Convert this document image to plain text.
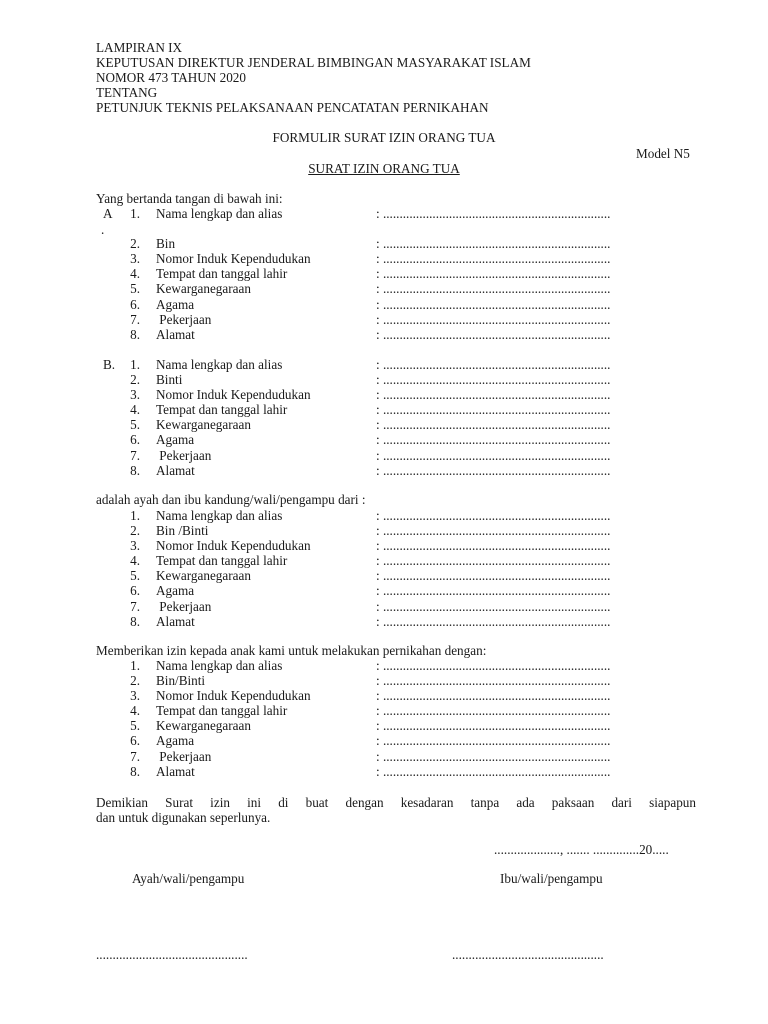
LAMPIRAN IX
KEPUTUSAN DIREKTUR JENDERAL BIMBINGAN MASYARAKAT ISLAM
NOMOR 473 TAHUN 2020
TENTANG
PETUNJUK TEKNIS PELAKSANAAN PENCATATAN PERNIKAHAN
FORMULIR SURAT IZIN ORANG TUA
Model N5
SURAT IZIN ORANG TUA
Yang bertanda tangan di bawah ini:
A	1. Nama lengkap dan alias	: .....................................................................
2. Bin	: .....................................................................
3. Nomor Induk Kependudukan	: .....................................................................
4. Tempat dan tanggal lahir	: .....................................................................
5. Kewarganegaraan	: .....................................................................
6. Agama	: .....................................................................
7. Pekerjaan	: .....................................................................
8. Alamat	: .....................................................................
.
B.	1. Nama lengkap dan alias	: .....................................................................
2. Binti	: .....................................................................
3. Nomor Induk Kependudukan	: .....................................................................
4. Tempat dan tanggal lahir	: .....................................................................
5. Kewarganegaraan	: .....................................................................
6. Agama	: .....................................................................
7. Pekerjaan	: .....................................................................
8. Alamat	: .....................................................................
adalah ayah dan ibu kandung/wali/pengampu dari :
1. Nama lengkap dan alias	: .....................................................................
2. Bin /Binti	: .....................................................................
3. Nomor Induk Kependudukan	: .....................................................................
4. Tempat dan tanggal lahir	: .....................................................................
5. Kewarganegaraan	: .....................................................................
6. Agama	: .....................................................................
7. Pekerjaan	: .....................................................................
8. Alamat	: .....................................................................
Memberikan izin kepada anak kami untuk melakukan pernikahan dengan:
1. Nama lengkap dan alias	: .....................................................................
2. Bin/Binti	: .....................................................................
3. Nomor Induk Kependudukan	: .....................................................................
4. Tempat dan tanggal lahir	: .....................................................................
5. Kewarganegaraan	: .....................................................................
6. Agama	: .....................................................................
7. Pekerjaan	: .....................................................................
8. Alamat	: .....................................................................
Demikian Surat izin ini di buat dengan kesadaran tanpa ada paksaan dari siapapun
dan untuk digunakan seperlunya.
...................., ....... ..............20.....
Ayah/wali/pengampu	Ibu/wali/pengampu
..............................................	..............................................
